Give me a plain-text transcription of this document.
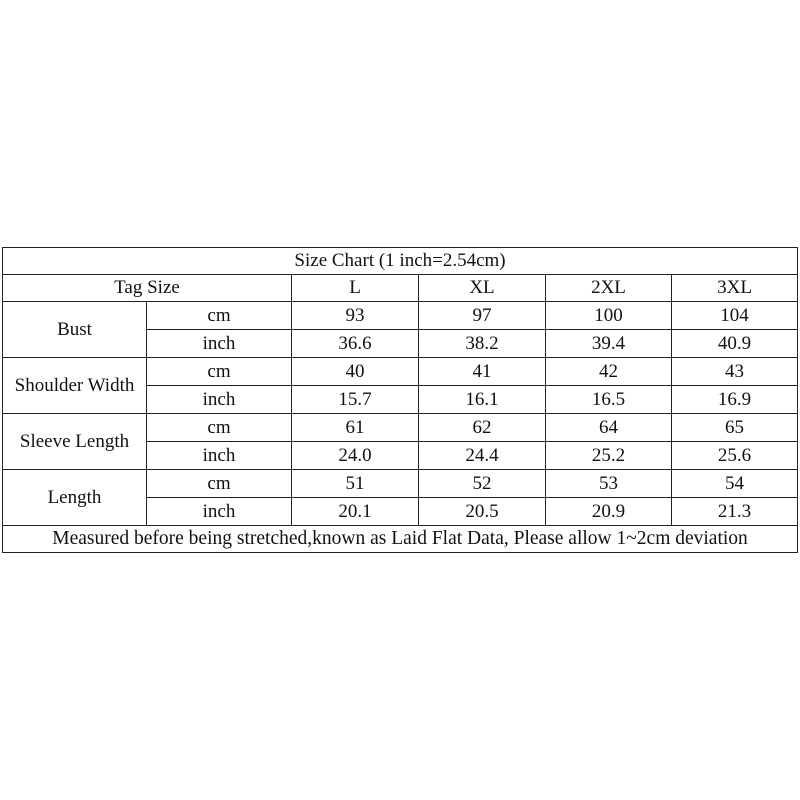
Size Chart (1 inch=2.54cm)					
Tag Size		L	XL	2XL	3XL
Bust	cm	93	97	100	104
	inch	36.6	38.2	39.4	40.9
Shoulder Width	cm	40	41	42	43
	inch	15.7	16.1	16.5	16.9
Sleeve Length	cm	61	62	64	65
	inch	24.0	24.4	25.2	25.6
Length	cm	51	52	53	54
	inch	20.1	20.5	20.9	21.3
Measured before being stretched,known as Laid Flat Data, Please allow 1~2cm deviation					
